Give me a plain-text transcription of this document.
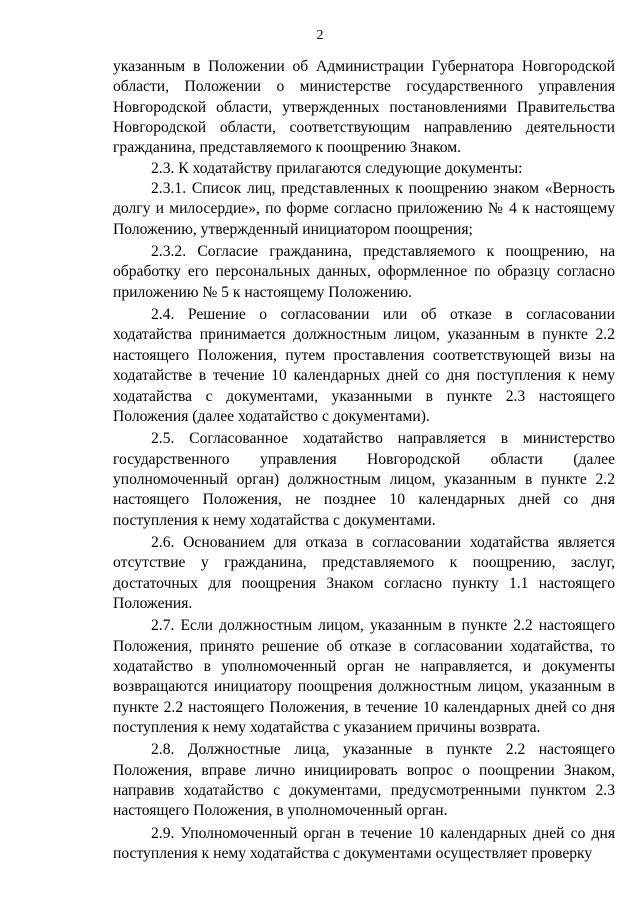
2

указанным в Положении об Администрации Губернатора Новгородской области, Положении о министерстве государственного управления Новгородской области, утвержденных постановлениями Правительства Новгородской области, соответствующим направлению деятельности гражданина, представляемого к поощрению Знаком.

2.3. К ходатайству прилагаются следующие документы:

2.3.1. Список лиц, представленных к поощрению знаком «Верность долгу и милосердие», по форме согласно приложению № 4 к настоящему Положению, утвержденный инициатором поощрения;

2.3.2. Согласие гражданина, представляемого к поощрению, на обработку его персональных данных, оформленное по образцу согласно приложению № 5 к настоящему Положению.

2.4. Решение о согласовании или об отказе в согласовании ходатайства принимается должностным лицом, указанным в пункте 2.2 настоящего Положения, путем проставления соответствующей визы на ходатайстве в течение 10 календарных дней со дня поступления к нему ходатайства с документами, указанными в пункте 2.3 настоящего Положения (далее ходатайство с документами).

2.5. Согласованное ходатайство направляется в министерство государственного управления Новгородской области (далее уполномоченный орган) должностным лицом, указанным в пункте 2.2 настоящего Положения, не позднее 10 календарных дней со дня поступления к нему ходатайства с документами.

2.6. Основанием для отказа в согласовании ходатайства является отсутствие у гражданина, представляемого к поощрению, заслуг, достаточных для поощрения Знаком согласно пункту 1.1 настоящего Положения.

2.7. Если должностным лицом, указанным в пункте 2.2 настоящего Положения, принято решение об отказе в согласовании ходатайства, то ходатайство в уполномоченный орган не направляется, и документы возвращаются инициатору поощрения должностным лицом, указанным в пункте 2.2 настоящего Положения, в течение 10 календарных дней со дня поступления к нему ходатайства с указанием причины возврата.

2.8. Должностные лица, указанные в пункте 2.2 настоящего Положения, вправе лично инициировать вопрос о поощрении Знаком, направив ходатайство с документами, предусмотренными пунктом 2.3 настоящего Положения, в уполномоченный орган.

2.9. Уполномоченный орган в течение 10 календарных дней со дня поступления к нему ходатайства с документами осуществляет проверку
